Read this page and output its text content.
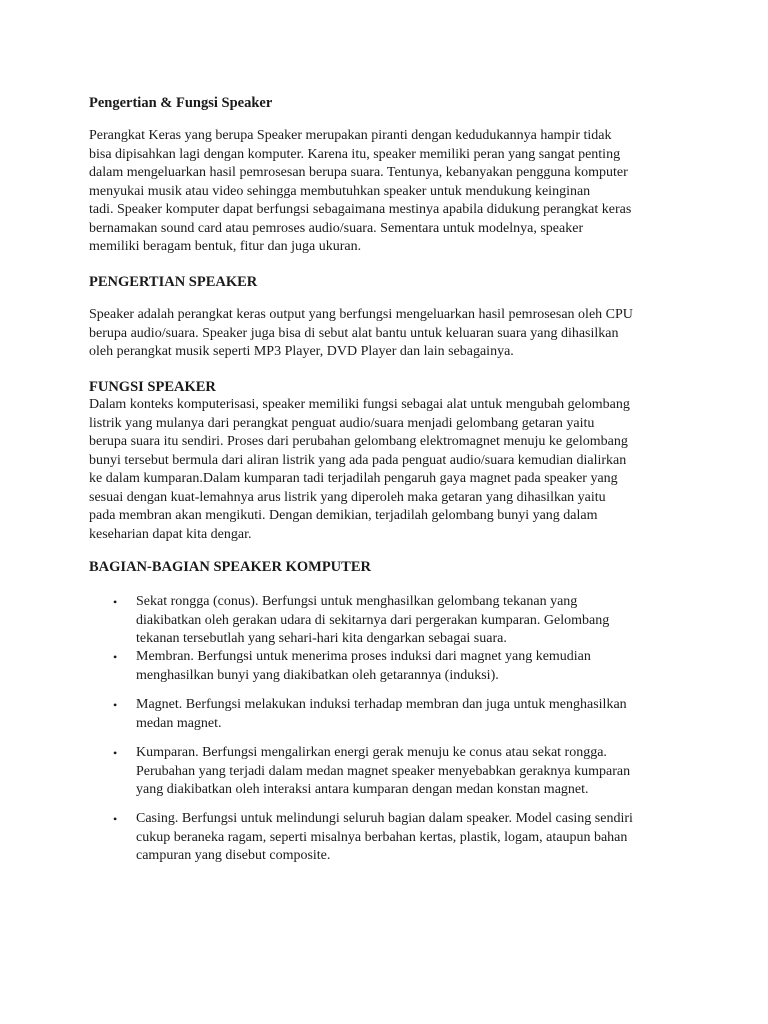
Pengertian & Fungsi Speaker
Perangkat Keras yang berupa Speaker merupakan piranti dengan kedudukannya hampir tidak
bisa dipisahkan lagi dengan komputer. Karena itu, speaker memiliki peran yang sangat penting
dalam mengeluarkan hasil pemrosesan berupa suara. Tentunya, kebanyakan pengguna komputer
menyukai musik atau video sehingga membutuhkan speaker untuk mendukung keinginan
tadi. Speaker komputer dapat berfungsi sebagaimana mestinya apabila didukung perangkat keras
bernamakan sound card atau pemroses audio/suara. Sementara untuk modelnya, speaker
memiliki beragam bentuk, fitur dan juga ukuran.
PENGERTIAN SPEAKER
Speaker adalah perangkat keras output yang berfungsi mengeluarkan hasil pemrosesan oleh CPU
berupa audio/suara. Speaker juga bisa di sebut alat bantu untuk keluaran suara yang dihasilkan
oleh perangkat musik seperti MP3 Player, DVD Player dan lain sebagainya.
FUNGSI SPEAKER
Dalam konteks komputerisasi, speaker memiliki fungsi sebagai alat untuk mengubah gelombang
listrik yang mulanya dari perangkat penguat audio/suara menjadi gelombang getaran yaitu
berupa suara itu sendiri. Proses dari perubahan gelombang elektromagnet menuju ke gelombang
bunyi tersebut bermula dari aliran listrik yang ada pada penguat audio/suara kemudian dialirkan
ke dalam kumparan.Dalam kumparan tadi terjadilah pengaruh gaya magnet pada speaker yang
sesuai dengan kuat-lemahnya arus listrik yang diperoleh maka getaran yang dihasilkan yaitu
pada membran akan mengikuti. Dengan demikian, terjadilah gelombang bunyi yang dalam
keseharian dapat kita dengar.
BAGIAN-BAGIAN SPEAKER KOMPUTER
• Sekat rongga (conus). Berfungsi untuk menghasilkan gelombang tekanan yang
diakibatkan oleh gerakan udara di sekitarnya dari pergerakan kumparan. Gelombang
tekanan tersebutlah yang sehari-hari kita dengarkan sebagai suara.
• Membran. Berfungsi untuk menerima proses induksi dari magnet yang kemudian
menghasilkan bunyi yang diakibatkan oleh getarannya (induksi).
• Magnet. Berfungsi melakukan induksi terhadap membran dan juga untuk menghasilkan
medan magnet.
• Kumparan. Berfungsi mengalirkan energi gerak menuju ke conus atau sekat rongga.
Perubahan yang terjadi dalam medan magnet speaker menyebabkan geraknya kumparan
yang diakibatkan oleh interaksi antara kumparan dengan medan konstan magnet.
• Casing. Berfungsi untuk melindungi seluruh bagian dalam speaker. Model casing sendiri
cukup beraneka ragam, seperti misalnya berbahan kertas, plastik, logam, ataupun bahan
campuran yang disebut composite.
